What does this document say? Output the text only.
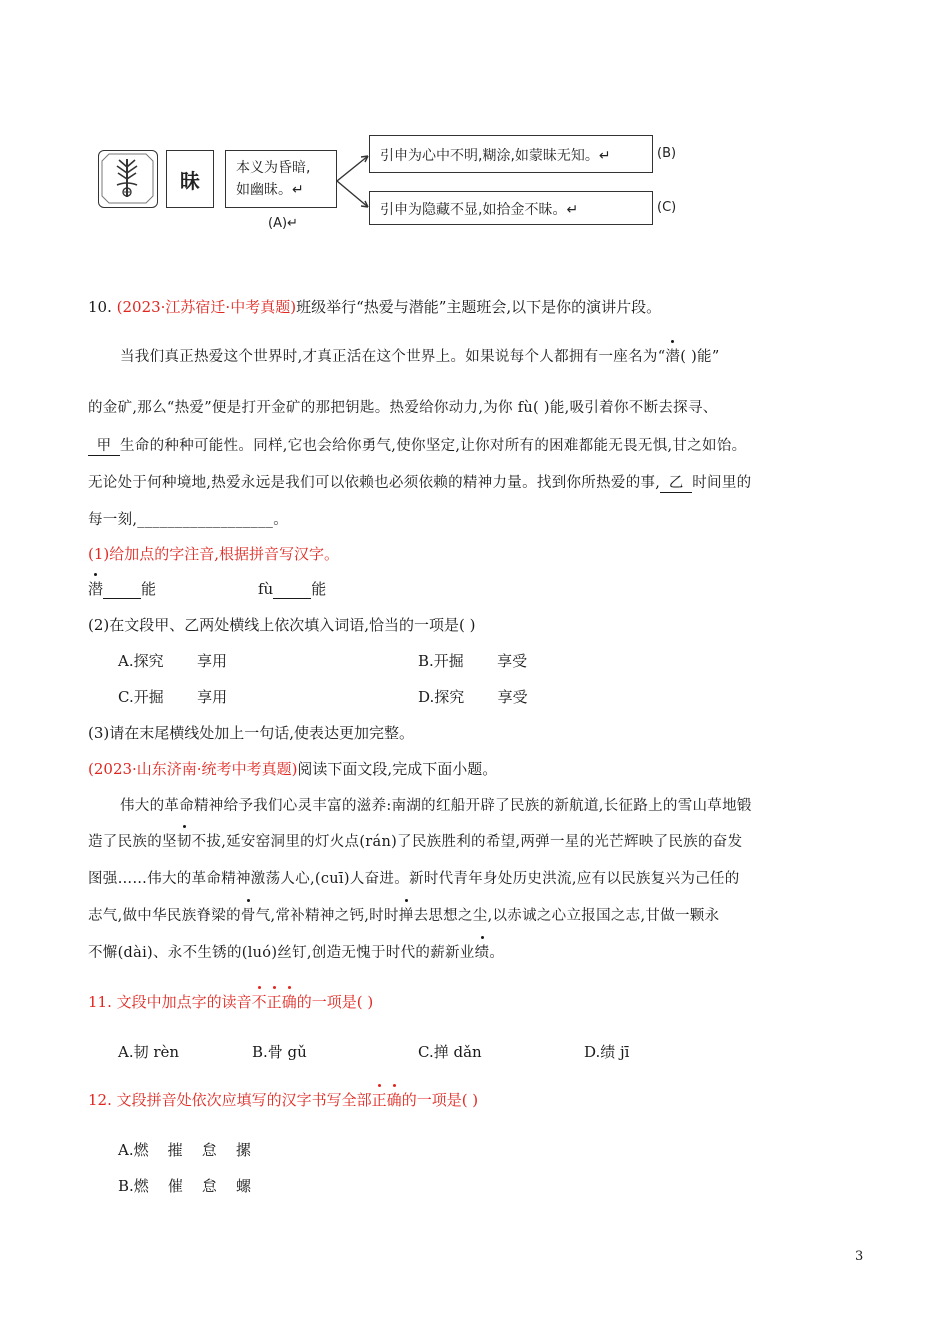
昧
本义为昏暗,
如幽昧。↵
(A)↵
引申为心中不明,糊涂,如蒙昧无知。↵	(B)
引申为隐藏不显,如拾金不昧。↵	(C)
10. (2023·江苏宿迁·中考真题)班级举行“热爱与潜能”主题班会,以下是你的演讲片段。
当我们真正热爱这个世界时,才真正活在这个世界上。如果说每个人都拥有一座名为“潜( )能”
的金矿,那么“热爱”便是打开金矿的那把钥匙。热爱给你动力,为你 fù( )能,吸引着你不断去探寻、
甲 生命的种种可能性。同样,它也会给你勇气,使你坚定,让你对所有的困难都能无畏无惧,甘之如饴。
无论处于何种境地,热爱永远是我们可以依赖也必须依赖的精神力量。找到你所热爱的事, 乙 时间里的
每一刻,__________________。
(1)给加点的字注音,根据拼音写汉字。
潜	能	fù	能
(2)在文段甲、乙两处横线上依次填入词语,恰当的一项是( )
A.探究       享用	B.开掘       享受
C.开掘       享用	D.探究       享受
(3)请在末尾横线处加上一句话,使表达更加完整。
(2023·山东济南·统考中考真题)阅读下面文段,完成下面小题。
伟大的革命精神给予我们心灵丰富的滋养:南湖的红船开辟了民族的新航道,长征路上的雪山草地锻
造了民族的坚韧不拔,延安窑洞里的灯火点(rán)了民族胜利的希望,两弹一星的光芒辉映了民族的奋发
图强……伟大的革命精神激荡人心,(cuī)人奋进。新时代青年身处历史洪流,应有以民族复兴为己任的
志气,做中华民族脊梁的骨气,常补精神之钙,时时掸去思想之尘,以赤诚之心立报国之志,甘做一颗永
不懈(dài)、永不生锈的(luó)丝钉,创造无愧于时代的薪新业绩。
11. 文段中加点字的读音不正确的一项是( )
A.韧 rèn	B.骨 gǔ	C.掸 dǎn	D.绩 jī
12. 文段拼音处依次应填写的汉字书写全部正确的一项是( )
A.燃    摧    怠    摞
B.燃    催    怠    螺
3
